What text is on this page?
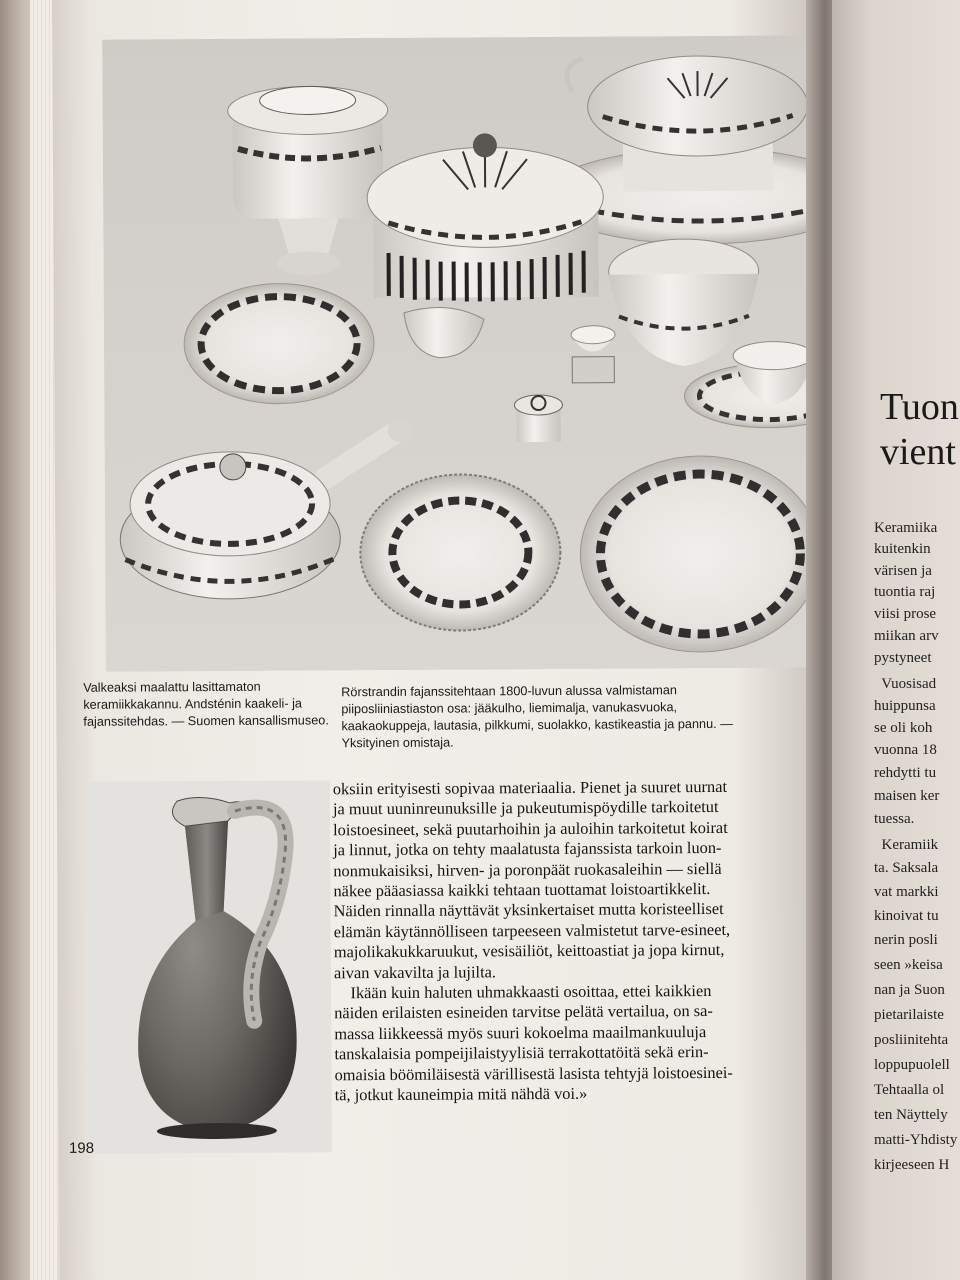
Valkeaksi maalattu lasittamaton keramiikkakannu. Andsténin kaakeli- ja fajanssitehdas. — Suomen kansallismuseo.
Rörstrandin fajanssitehtaan 1800-luvun alussa valmistaman piiposliiniastiaston osa: jääkulho, liemimalja, vanukasvuoka, kaakaokuppeja, lautasia, pilkkumi, suolakko, kastikeastia ja pannu. — Yksityinen omistaja.
oksiin erityisesti sopivaa materiaalia. Pienet ja suuret uurnat
ja muut uuninreunuksille ja pukeutumispöydille tarkoitetut
loistoesineet, sekä puutarhoihin ja auloihin tarkoitetut koirat
ja linnut, jotka on tehty maalatusta fajanssista tarkoin luon-
nonmukaisiksi, hirven- ja poronpäät ruokasaleihin — siellä
näkee pääasiassa kaikki tehtaan tuottamat loistoartikkelit.
Näiden rinnalla näyttävät yksinkertaiset mutta koristeelliset
elämän käytännölliseen tarpeeseen valmistetut tarve-esineet,
majolikakukkaruukut, vesisäiliöt, keittoastiat ja jopa kirnut,
aivan vakavilta ja lujilta.
Ikään kuin haluten uhmakkaasti osoittaa, ettei kaikkien
näiden erilaisten esineiden tarvitse pelätä vertailua, on sa-
massa liikkeessä myös suuri kokoelma maailmankuuluja
tanskalaisia pompeijilaistyylisiä terrakottatöitä sekä erin-
omaisia böömiläisestä värillisestä lasista tehtyjä loistoesinei-
tä, jotkut kauneimpia mitä nähdä voi.»
198
Tuon
vient
Keramiika
kuitenkin
värisen ja
tuontia raj
viisi prose
miikan arv
pystyneet
Vuosisad
huippunsa
se oli koh
vuonna 18
rehdytti tu
maisen ker
tuessa.
Keramiik
ta. Saksala
vat markki
kinoivat tu
nerin posli
seen »keisa
nan ja Suon
pietarilaiste
posliinitehta
loppupuolell
Tehtaalla ol
ten Näyttely
matti-Yhdisty
kirjeeseen H
